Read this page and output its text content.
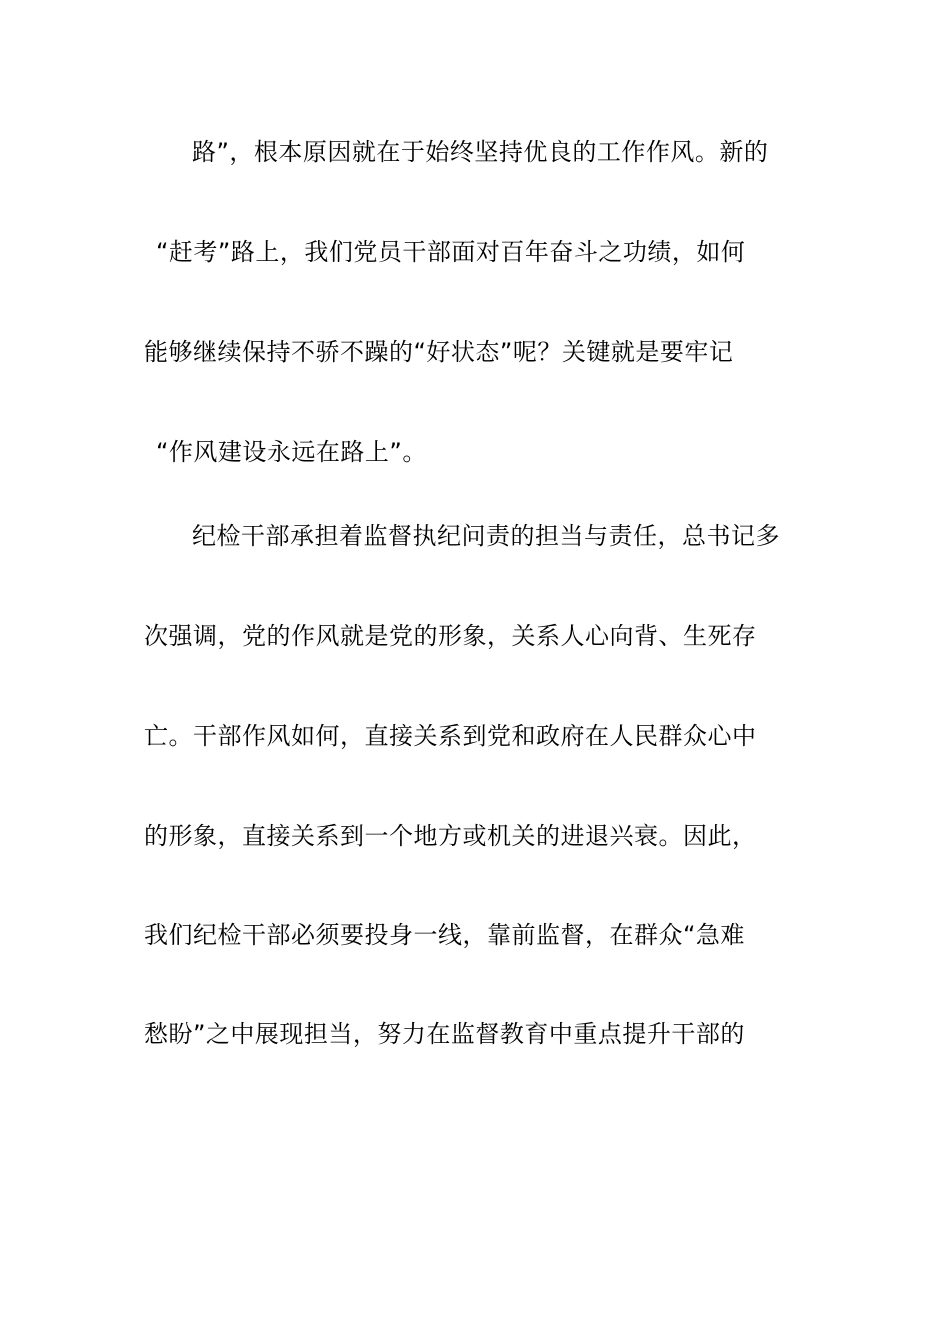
路”，根本原因就在于始终坚持优良的工作作风。新的
“赶考”路上，我们党员干部面对百年奋斗之功绩，如何
能够继续保持不骄不躁的“好状态”呢？关键就是要牢记
“作风建设永远在路上”。
纪检干部承担着监督执纪问责的担当与责任，总书记多
次强调，党的作风就是党的形象，关系人心向背、生死存
亡。干部作风如何，直接关系到党和政府在人民群众心中
的形象，直接关系到一个地方或机关的进退兴衰。因此，
我们纪检干部必须要投身一线，靠前监督，在群众“急难
愁盼”之中展现担当，努力在监督教育中重点提升干部的
